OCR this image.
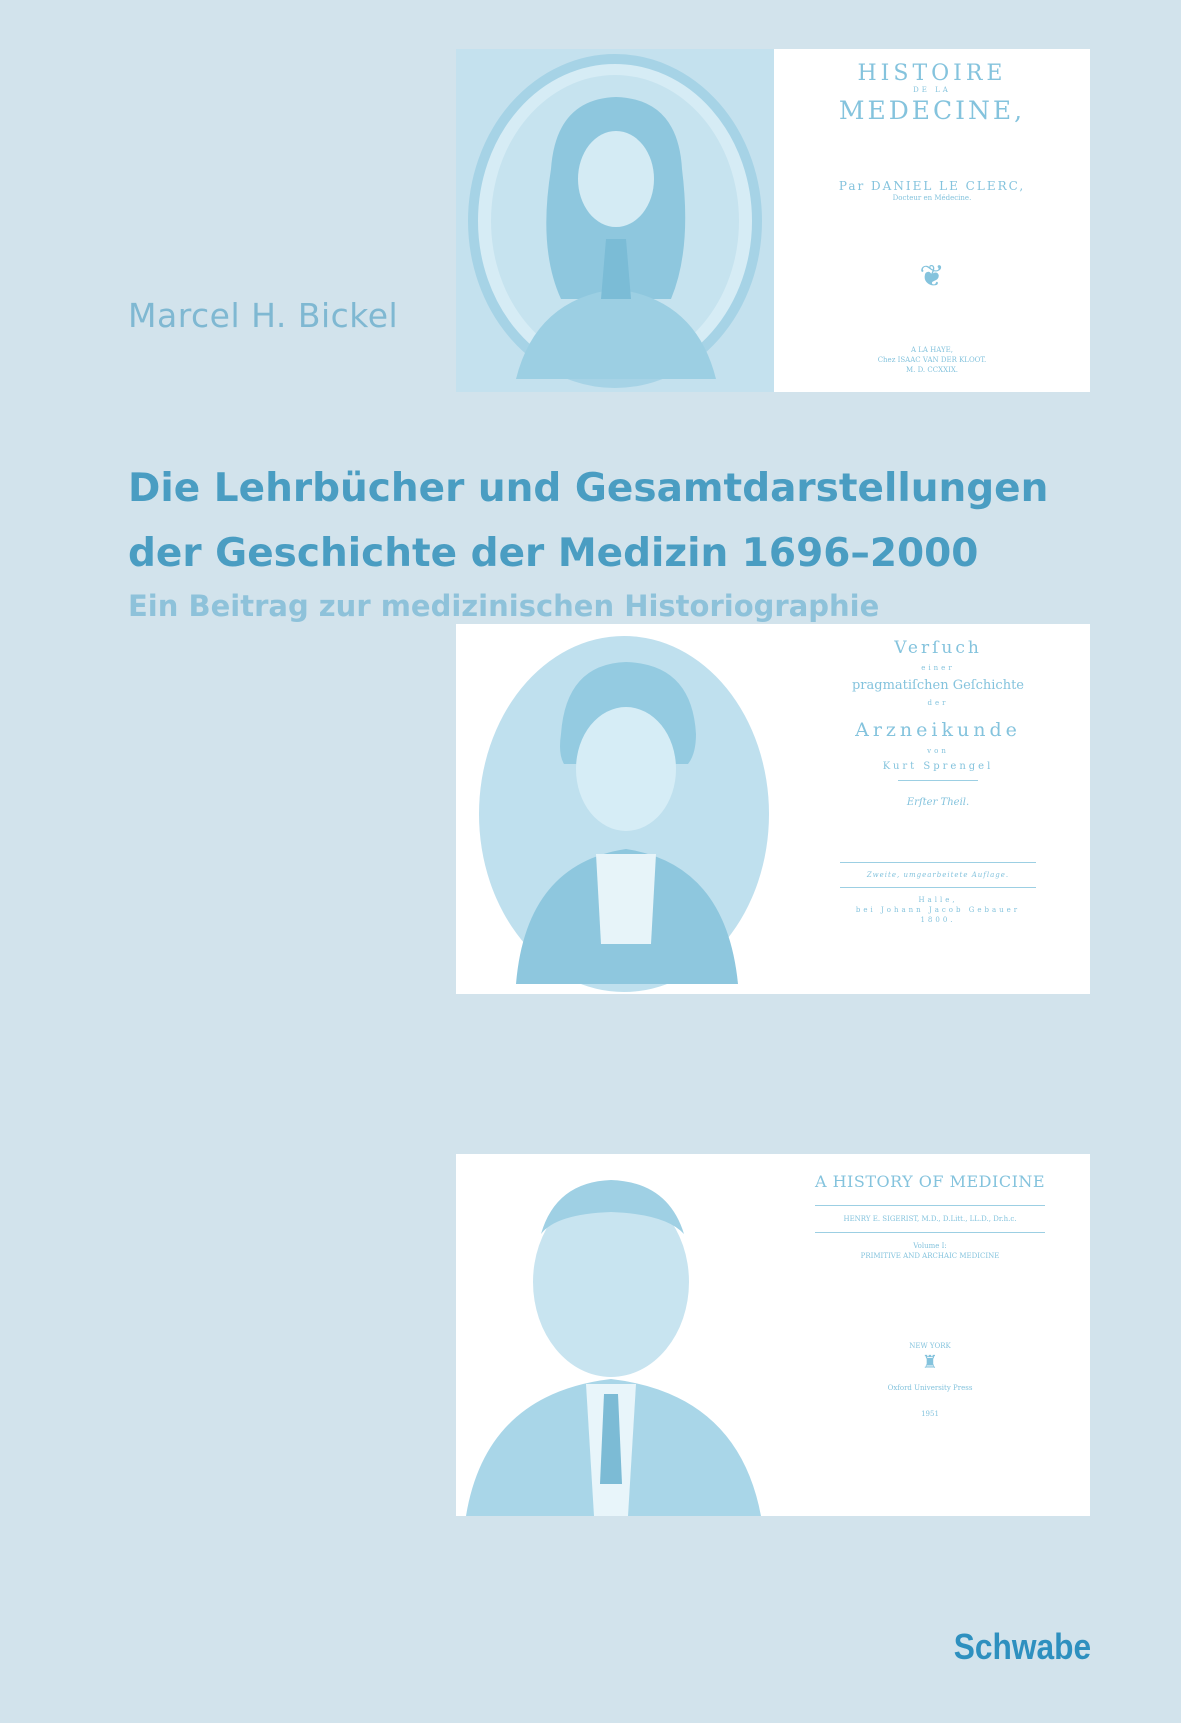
Marcel H. Bickel
HISTOIRE
DE LA
MEDECINE,
Par DANIEL LE CLERC,
Docteur en Médecine.
❦
A LA HAYE,
Chez ISAAC VAN DER KLOOT.
M. D. CCXXIX.
Die Lehrbücher und Gesamtdarstellungen
der Geschichte der Medizin 1696–2000
Ein Beitrag zur medizinischen Historiographie
Verſuch
einer
pragmatiſchen Geſchichte
der
Arzneikunde
von
Kurt Sprengel
Erſter Theil.
Zweite, umgearbeitete Auflage.
Halle,
bei Johann Jacob Gebauer
1800.
A HISTORY OF MEDICINE
HENRY E. SIGERIST, M.D., D.Litt., LL.D., Dr.h.c.
Volume I:
PRIMITIVE AND ARCHAIC MEDICINE
NEW YORK
♜
Oxford University Press
1951
Schwabe
